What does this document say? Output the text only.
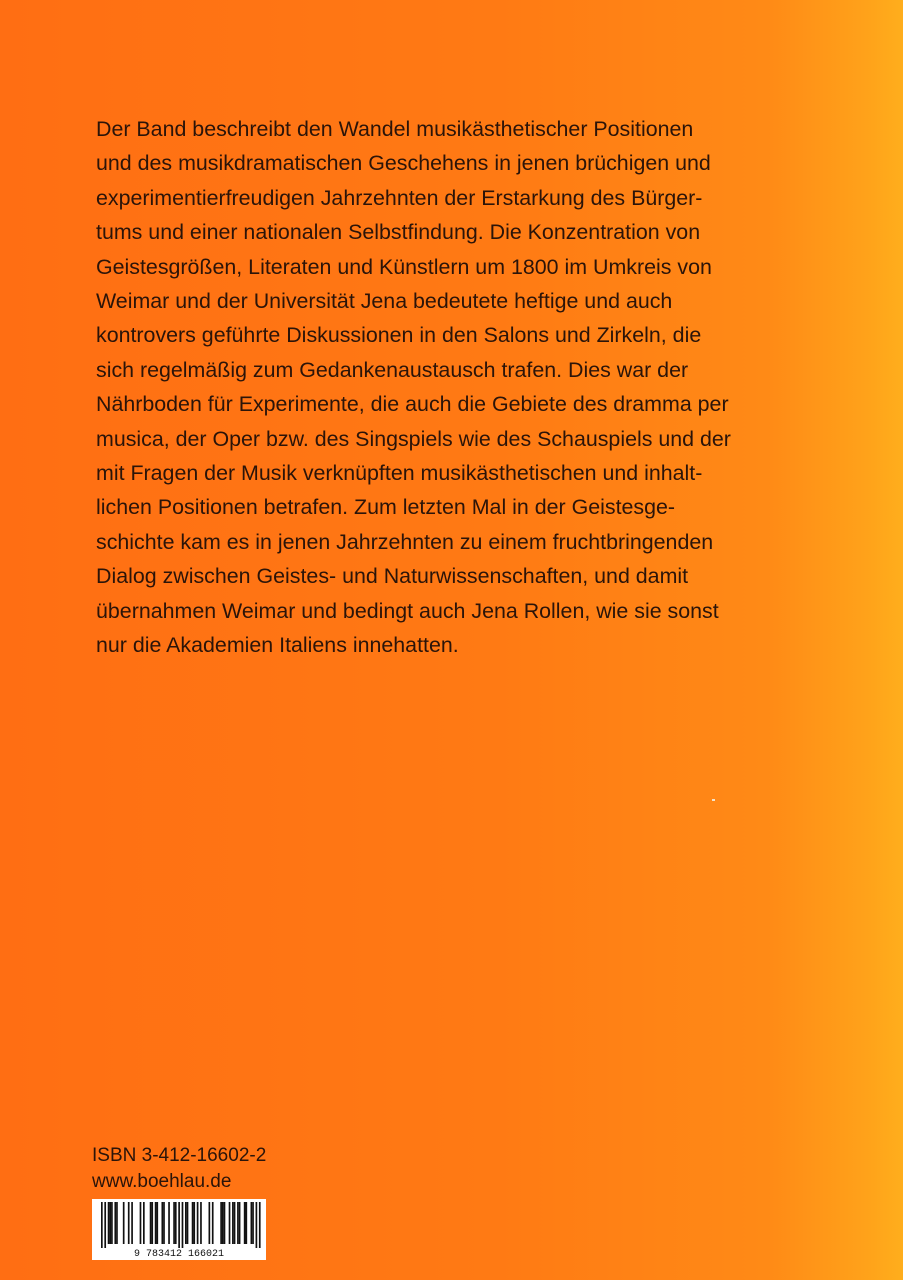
Der Band beschreibt den Wandel musikästhetischer Positionen
und des musikdramatischen Geschehens in jenen brüchigen und
experimentierfreudigen Jahrzehnten der Erstarkung des Bürger-
tums und einer nationalen Selbstfindung. Die Konzentration von
Geistesgrößen, Literaten und Künstlern um 1800 im Umkreis von
Weimar und der Universität Jena bedeutete heftige und auch
kontrovers geführte Diskussionen in den Salons und Zirkeln, die
sich regelmäßig zum Gedankenaustausch trafen. Dies war der
Nährboden für Experimente, die auch die Gebiete des dramma per
musica, der Oper bzw. des Singspiels wie des Schauspiels und der
mit Fragen der Musik verknüpften musikästhetischen und inhalt-
lichen Positionen betrafen. Zum letzten Mal in der Geistesge-
schichte kam es in jenen Jahrzehnten zu einem fruchtbringenden
Dialog zwischen Geistes- und Naturwissenschaften, und damit
übernahmen Weimar und bedingt auch Jena Rollen, wie sie sonst
nur die Akademien Italiens innehatten.
ISBN 3-412-16602-2
www.boehlau.de
9 783412 166021
